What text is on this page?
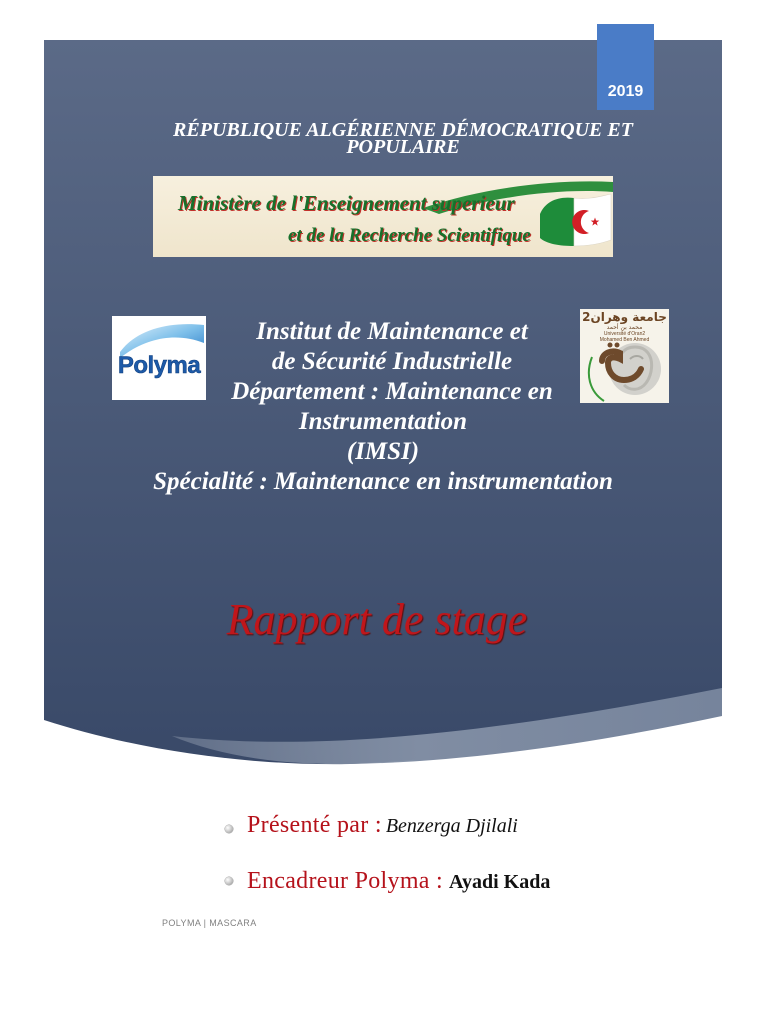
2019
RÉPUBLIQUE ALGÉRIENNE DÉMOCRATIQUE ET
POPULAIRE
Ministère de l'Enseignement superieur
et de la Recherche Scientifique
Institut de Maintenance et
de Sécurité Industrielle
Département : Maintenance en
Instrumentation
(IMSI)
Spécialité : Maintenance en instrumentation
Polyma
جامعة وهران2
محمد بن أحمد
Université d'Oran2
Mohamed Ben Ahmed
Rapport de stage
Présenté par : Benzerga Djilali
Encadreur Polyma : Ayadi Kada
POLYMA | MASCARA
